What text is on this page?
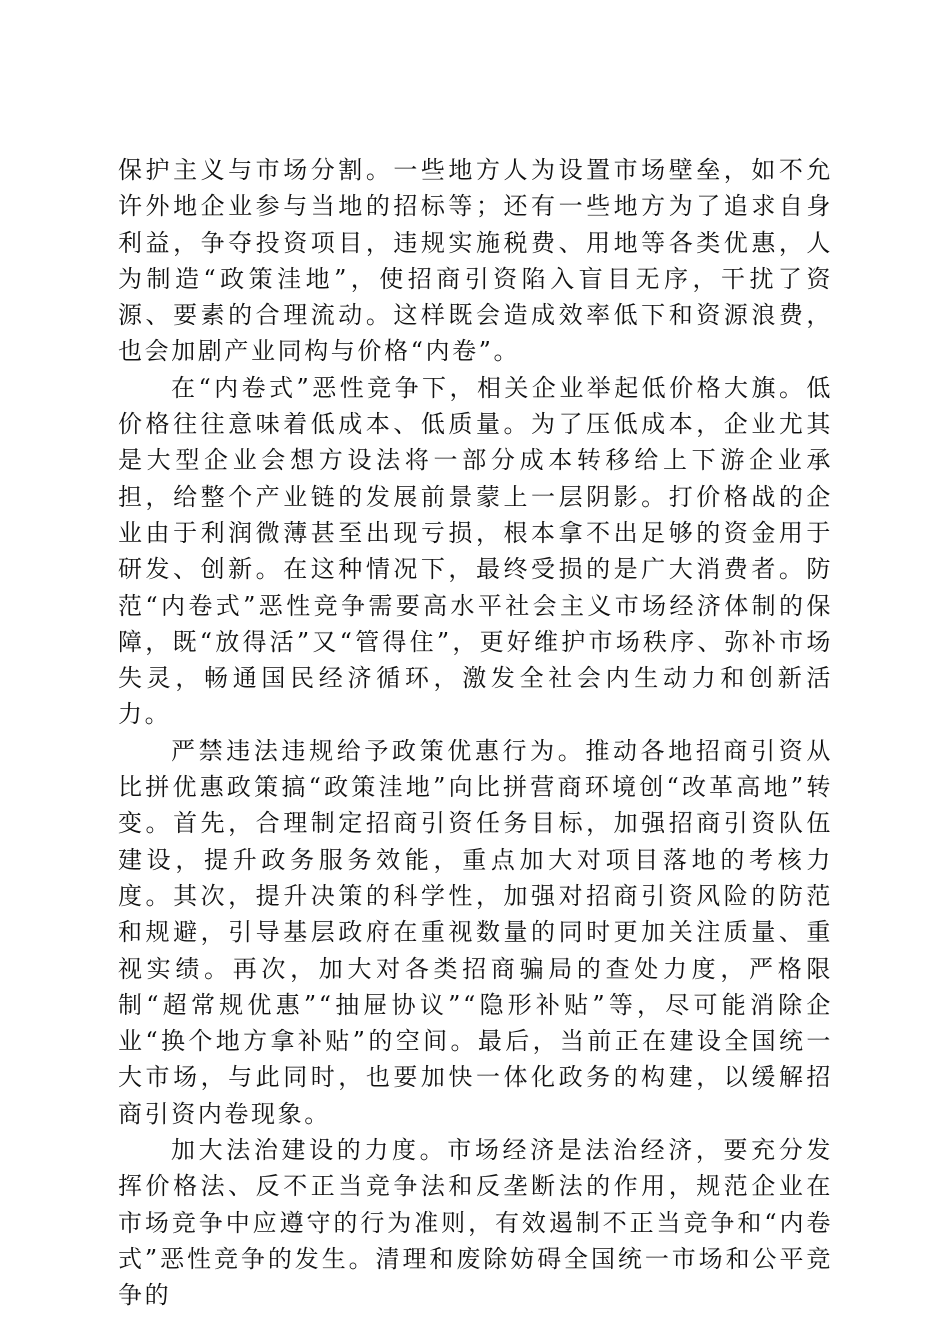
保护主义与市场分割。一些地方人为设置市场壁垒，如不允许外地企业参与当地的招标等；还有一些地方为了追求自身利益，争夺投资项目，违规实施税费、用地等各类优惠，人为制造“政策洼地”，使招商引资陷入盲目无序，干扰了资源、要素的合理流动。这样既会造成效率低下和资源浪费，也会加剧产业同构与价格“内卷”。

在“内卷式”恶性竞争下，相关企业举起低价格大旗。低价格往往意味着低成本、低质量。为了压低成本，企业尤其是大型企业会想方设法将一部分成本转移给上下游企业承担，给整个产业链的发展前景蒙上一层阴影。打价格战的企业由于利润微薄甚至出现亏损，根本拿不出足够的资金用于研发、创新。在这种情况下，最终受损的是广大消费者。防范“内卷式”恶性竞争需要高水平社会主义市场经济体制的保障，既“放得活”又“管得住”，更好维护市场秩序、弥补市场失灵，畅通国民经济循环，激发全社会内生动力和创新活力。

严禁违法违规给予政策优惠行为。推动各地招商引资从比拼优惠政策搞“政策洼地”向比拼营商环境创“改革高地”转变。首先，合理制定招商引资任务目标，加强招商引资队伍建设，提升政务服务效能，重点加大对项目落地的考核力度。其次，提升决策的科学性，加强对招商引资风险的防范和规避，引导基层政府在重视数量的同时更加关注质量、重视实绩。再次，加大对各类招商骗局的查处力度，严格限制“超常规优惠”“抽屉协议”“隐形补贴”等，尽可能消除企业“换个地方拿补贴”的空间。最后，当前正在建设全国统一大市场，与此同时，也要加快一体化政务的构建，以缓解招商引资内卷现象。

加大法治建设的力度。市场经济是法治经济，要充分发挥价格法、反不正当竞争法和反垄断法的作用，规范企业在市场竞争中应遵守的行为准则，有效遏制不正当竞争和“内卷式”恶性竞争的发生。清理和废除妨碍全国统一市场和公平竞争的
